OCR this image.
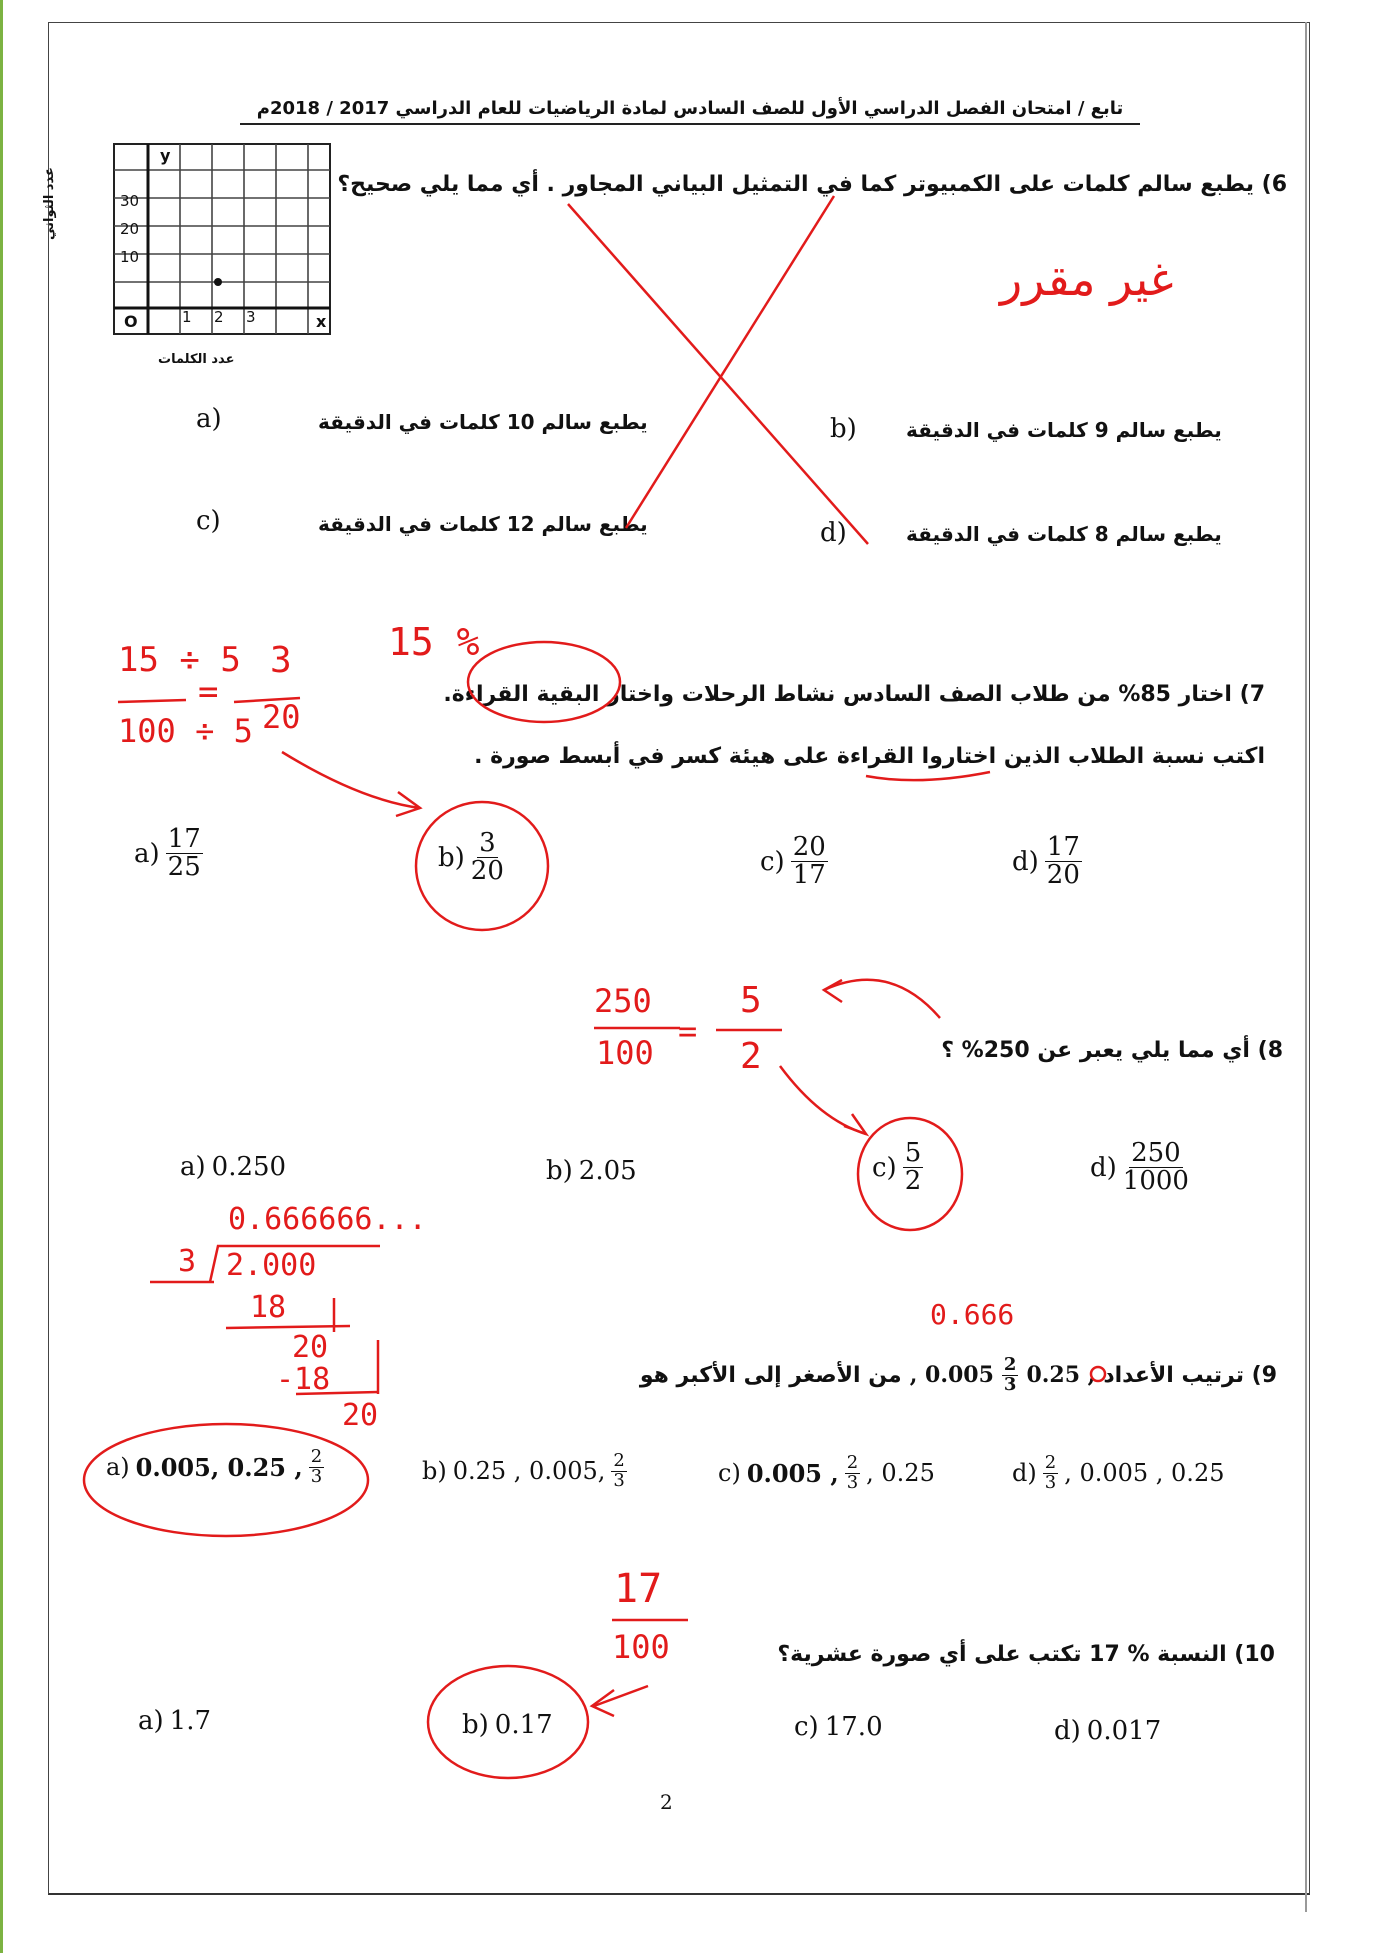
تابع / امتحان الفصل الدراسي الأول للصف السادس لمادة الرياضيات للعام الدراسي 2017 / 2018م
6) يطبع سالم كلمات على الكمبيوتر كما في التمثيل البياني المجاور . أي مما يلي صحيح؟
y
x
O
30
20
10
1 2 3
عدد الكلمات
عدد الثواني
a)	يطبع سالم 10 كلمات في الدقيقة	b) يطبع سالم 9 كلمات في الدقيقة
c)	يطبع سالم 12 كلمات في الدقيقة	d)	يطبع سالم 8 كلمات في الدقيقة
غير مقرر
7) اختار 85% من طلاب الصف السادس نشاط الرحلات واختار البقية القراءة.
اكتب نسبة الطلاب الذين اختاروا القراءة على هيئة كسر في أبسط صورة .
$a) \frac{17}{25}$	$b) \frac{3}{20}$	$c) \frac{20}{17}$	$d) \frac{17}{20}$
15 ÷ 5
100 ÷ 5
=
3
20
15 %
8) أي مما يلي يعبر عن 250% ؟
a) 0.250	b) 2.05	$c) \frac{5}{2}$	$d) \frac{250}{1000}$
250
100
=
5
2
9) ترتيب الأعداد
0.25 ,
$\frac{2}{3}$
, 0.005
من الأصغر إلى الأكبر هو
a) 0.005, 0.25 , $\frac{2}{3}$	b) 0.25 , 0.005, $\frac{2}{3}$	c) 0.005 , $\frac{2}{3}$ , 0.25	$d) \frac{2}{3}$ , 0.005 , 0.25
0.666666...
3 2.000
18
20
-18
20
0.666
10) النسبة % 17 تكتب على أي صورة عشرية؟
a) 1.7	b) 0.17	c) 17.0	d) 0.017
17
100
2
